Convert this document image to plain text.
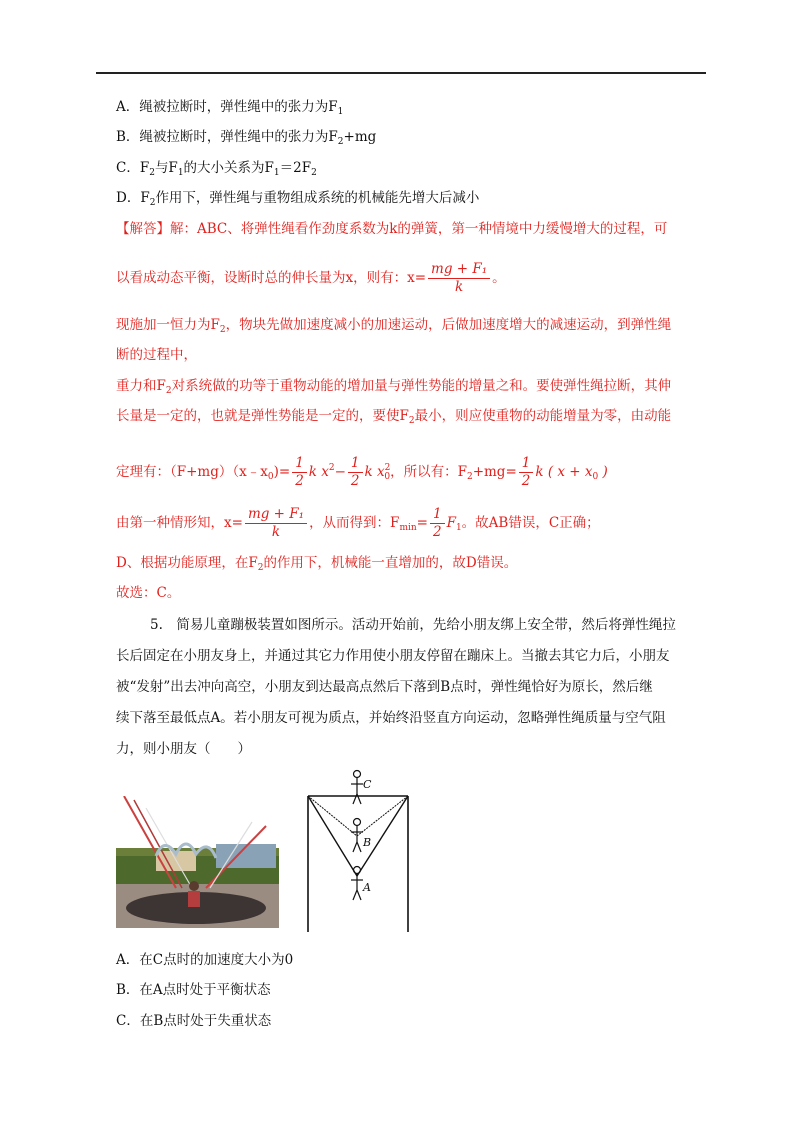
A．绳被拉断时，弹性绳中的张力为$F_1$
B．绳被拉断时，弹性绳中的张力为$F_2+mg$
C．$F_2$与$F_1$的大小关系为$F_1=2F_2$
D．$F_2$作用下，弹性绳与重物组成系统的机械能先增大后减小
【解答】解：ABC、将弹性绳看作劲度系数为k的弹簧，第一种情境中力缓慢增大的过程，可
以看成动态平衡，设断时总的伸长量为x，则有：$x= \frac{\text{mg + F₁}}{k}$ 。
现施加一恒力为$F_2$，物块先做加速度减小的加速运动，后做加速度增大的减速运动，到弹性绳
断的过程中，
重力和$F_2$对系统做的功等于重物动能的增加量与弹性势能的增量之和。要使弹性绳拉断，其伸
长量是一定的，也就是弹性势能是一定的，要使$F_2$最小，则应使重物的动能增量为零，由动能
定理有：$(F+mg)(x﹣x_0)= \frac{1}{2}$ k $x^2- \frac{1}{2}$ k $x^2_0$，所以有：$F_2+mg= \frac{1}{2}$ k ( $x + x_0$ )
由第一种情形知，$x= \frac{\text{mg + F₁}}{k}$ ，从而得到：$F_{min}= \frac{1}{2} F_1$。故AB错误，C正确；
D、根据功能原理，在$F_2$的作用下，机械能一直增加的，故D错误。
故选：C。
5.　简易儿童蹦极装置如图所示。活动开始前，先给小朋友绑上安全带，然后将弹性绳拉
长后固定在小朋友身上，并通过其它力作用使小朋友停留在蹦床上。当撤去其它力后，小朋友
被“发射”出去冲向高空，小朋友到达最高点然后下落到B点时，弹性绳恰好为原长，然后继
续下落至最低点A。若小朋友可视为质点，并始终沿竖直方向运动，忽略弹性绳质量与空气阻
力，则小朋友（　　）
C
B
A
A．在C点时的加速度大小为0
B．在A点时处于平衡状态
C．在B点时处于失重状态
